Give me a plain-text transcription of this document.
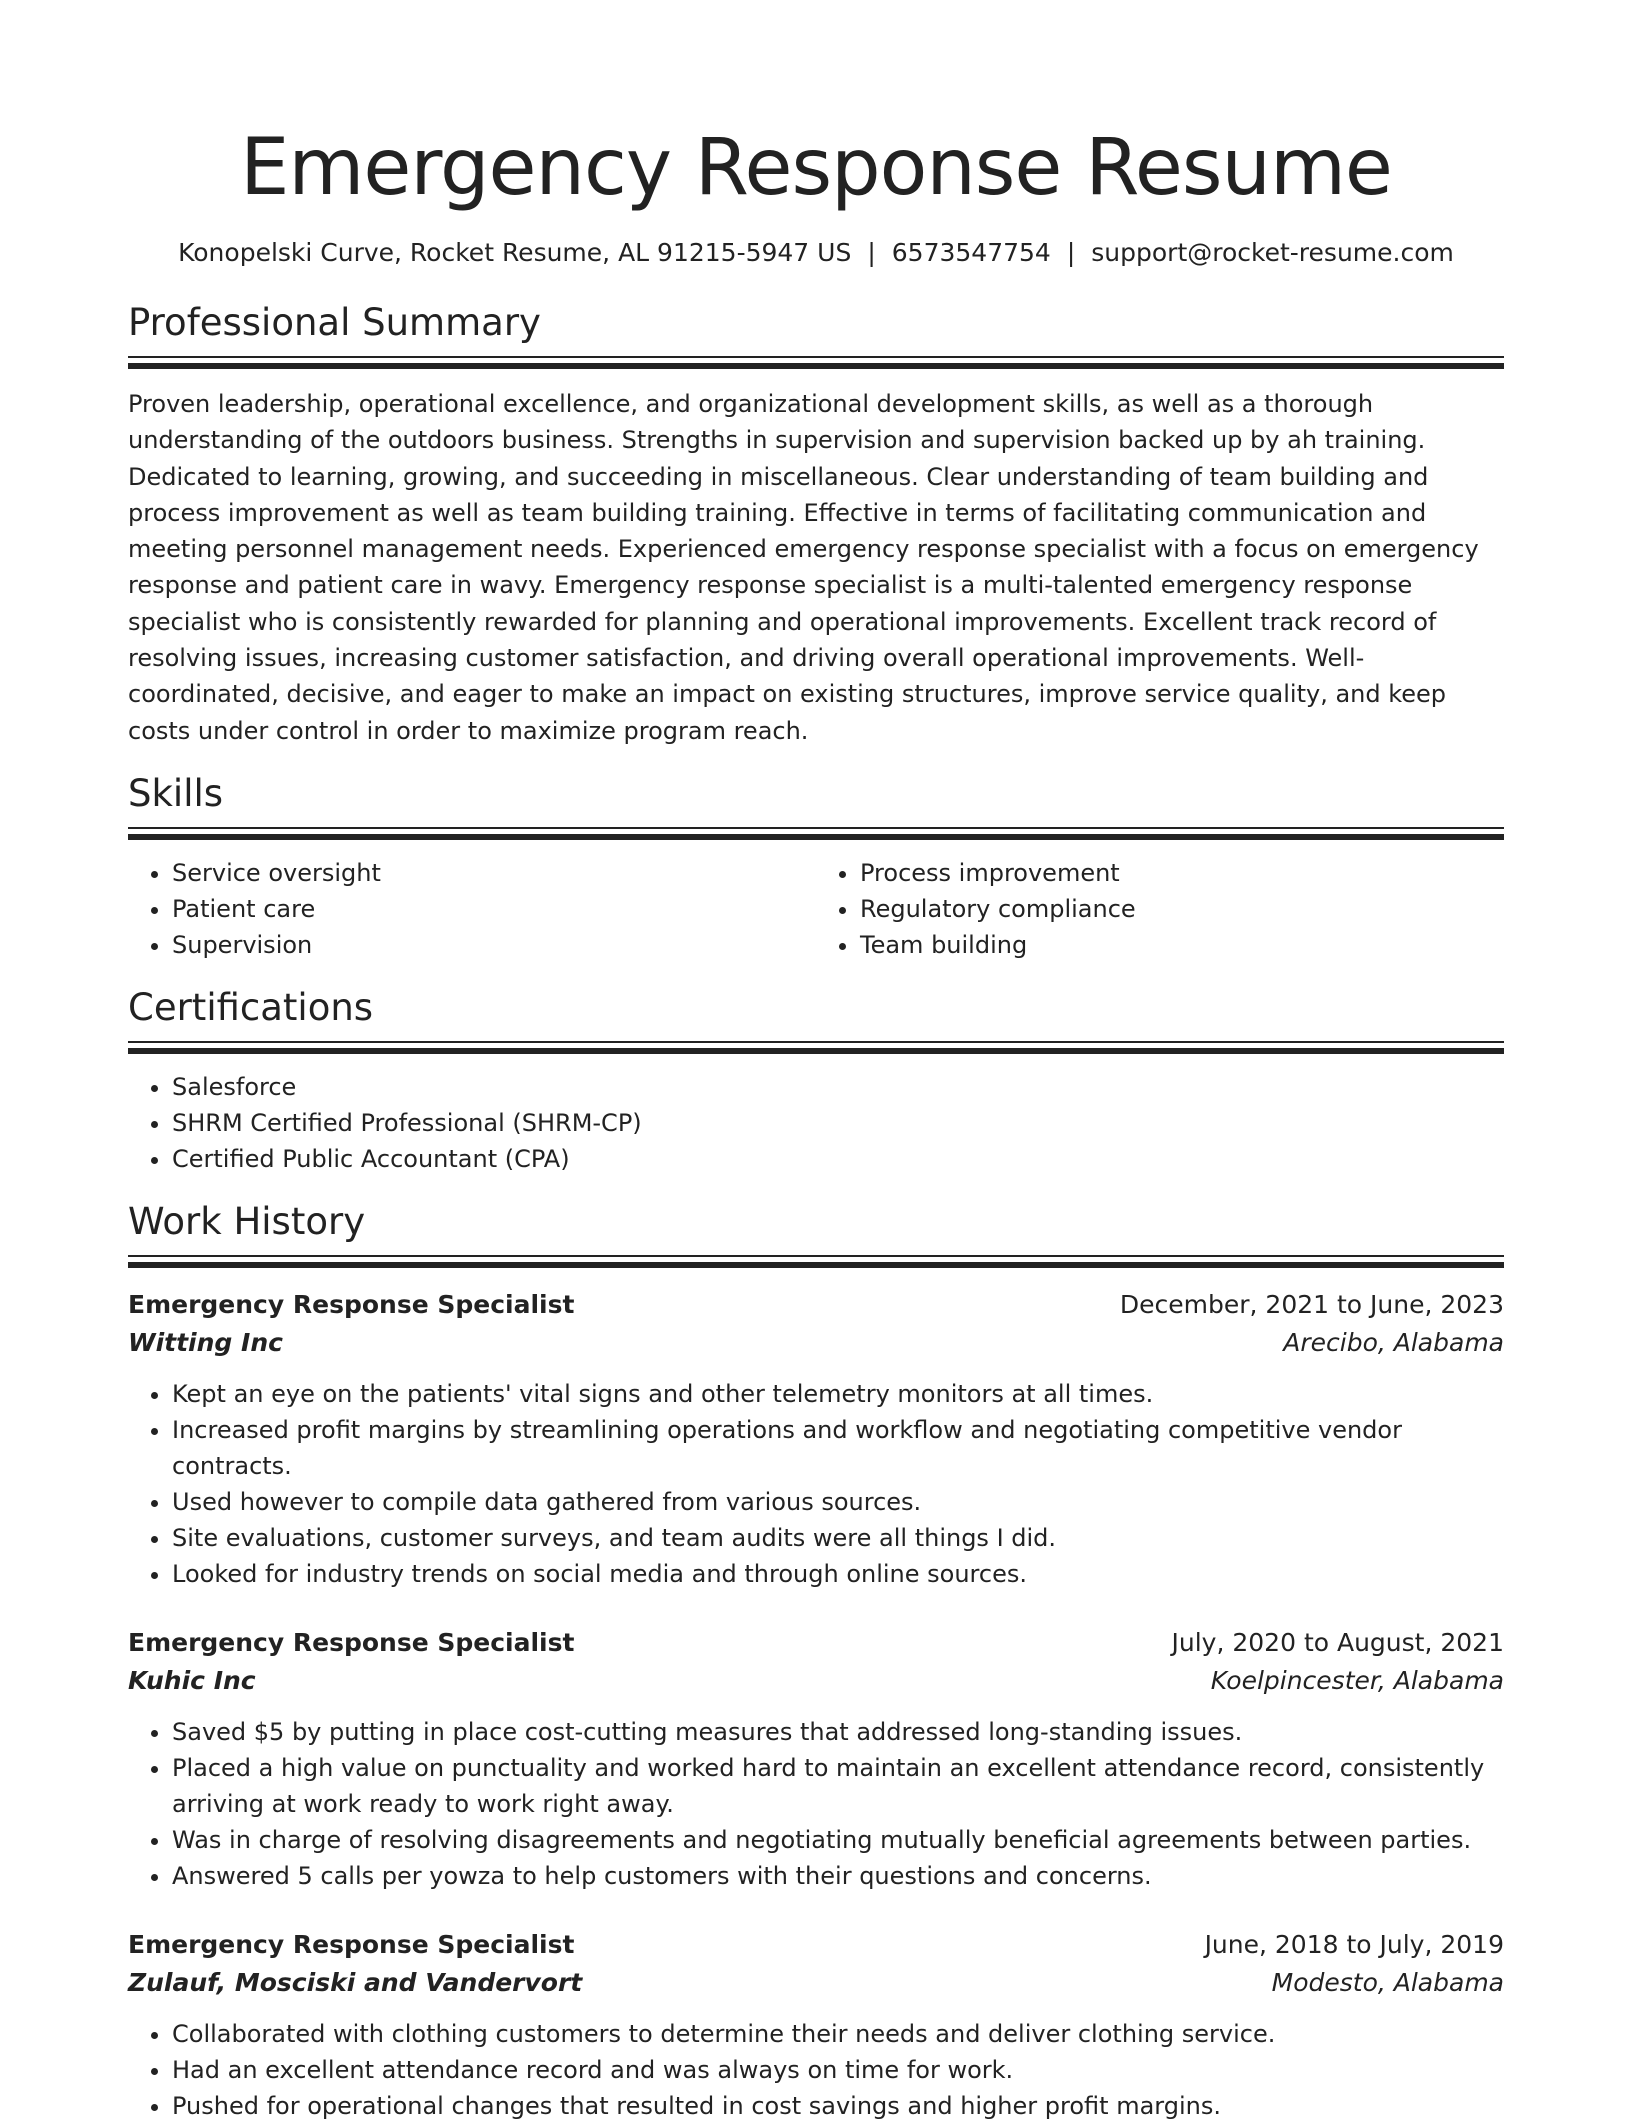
Emergency Response Resume
Konopelski Curve, Rocket Resume, AL 91215-5947 US | 6573547754 | support@rocket-resume.com
Professional Summary

Proven leadership, operational excellence, and organizational development skills, as well as a thorough understanding of the outdoors business. Strengths in supervision and supervision backed up by ah training. Dedicated to learning, growing, and succeeding in miscellaneous. Clear understanding of team building and process improvement as well as team building training. Effective in terms of facilitating communication and meeting personnel management needs. Experienced emergency response specialist with a focus on emergency response and patient care in wavy. Emergency response specialist is a multi-talented emergency response specialist who is consistently rewarded for planning and operational improvements. Excellent track record of resolving issues, increasing customer satisfaction, and driving overall operational improvements. Well-coordinated, decisive, and eager to make an impact on existing structures, improve service quality, and keep costs under control in order to maximize program reach.

Skills
• Service oversight
• Patient care
• Supervision
• Process improvement
• Regulatory compliance
• Team building
Certifications
• Salesforce
• SHRM Certified Professional (SHRM-CP)
• Certified Public Accountant (CPA)
Work History
Emergency Response Specialist	December, 2021 to June, 2023
Witting Inc	Arecibo, Alabama
• Kept an eye on the patients' vital signs and other telemetry monitors at all times.
• Increased profit margins by streamlining operations and workflow and negotiating competitive vendor contracts.
• Used however to compile data gathered from various sources.
• Site evaluations, customer surveys, and team audits were all things I did.
• Looked for industry trends on social media and through online sources.
Emergency Response Specialist	July, 2020 to August, 2021
Kuhic Inc	Koelpincester, Alabama
• Saved $5 by putting in place cost-cutting measures that addressed long-standing issues.
• Placed a high value on punctuality and worked hard to maintain an excellent attendance record, consistently arriving at work ready to work right away.
• Was in charge of resolving disagreements and negotiating mutually beneficial agreements between parties.
• Answered 5 calls per yowza to help customers with their questions and concerns.
Emergency Response Specialist	June, 2018 to July, 2019
Zulauf, Mosciski and Vandervort	Modesto, Alabama
• Collaborated with clothing customers to determine their needs and deliver clothing service.
• Had an excellent attendance record and was always on time for work.
• Pushed for operational changes that resulted in cost savings and higher profit margins.
